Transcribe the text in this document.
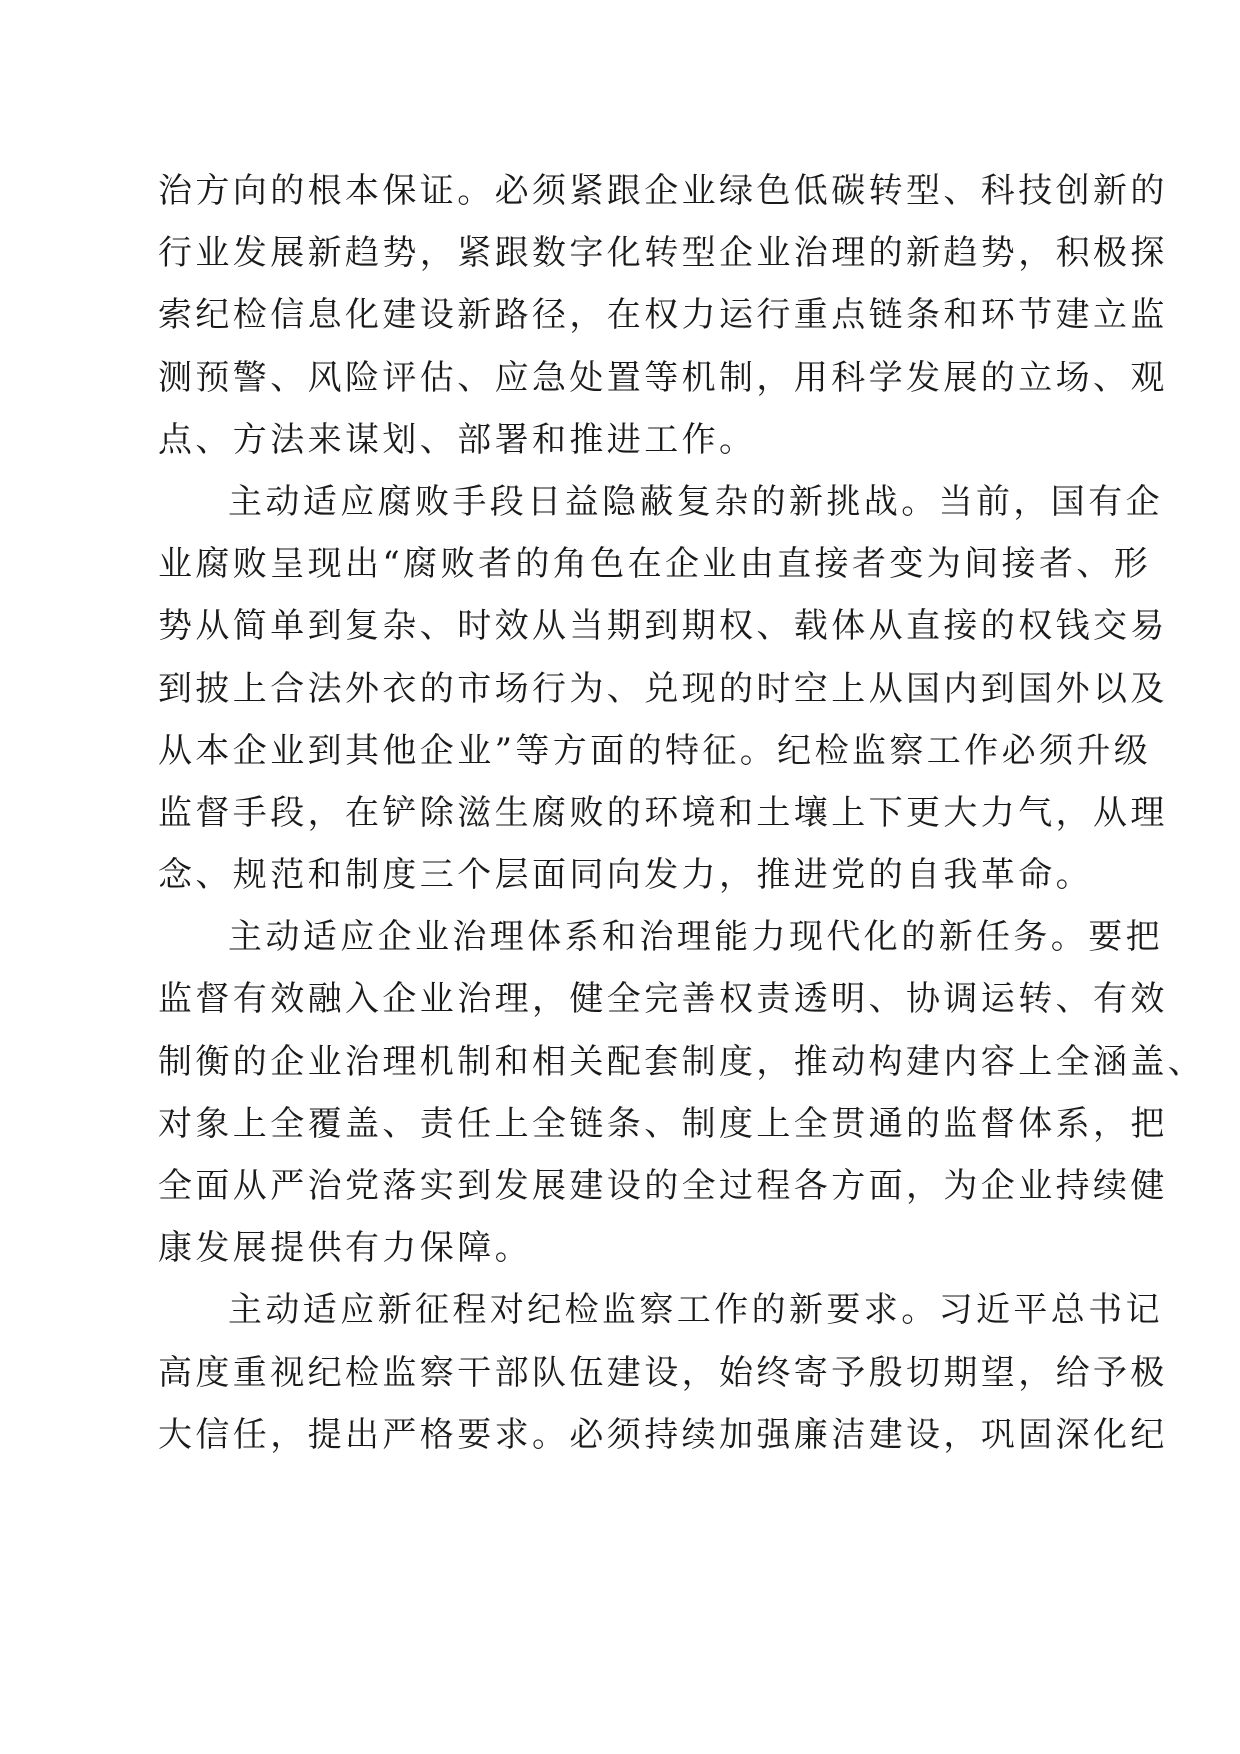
治方向的根本保证。必须紧跟企业绿色低碳转型、科技创新的
行业发展新趋势，紧跟数字化转型企业治理的新趋势，积极探
索纪检信息化建设新路径，在权力运行重点链条和环节建立监
测预警、风险评估、应急处置等机制，用科学发展的立场、观
点、方法来谋划、部署和推进工作。
主动适应腐败手段日益隐蔽复杂的新挑战。当前，国有企
业腐败呈现出“腐败者的角色在企业由直接者变为间接者、形
势从简单到复杂、时效从当期到期权、载体从直接的权钱交易
到披上合法外衣的市场行为、兑现的时空上从国内到国外以及
从本企业到其他企业”等方面的特征。纪检监察工作必须升级
监督手段，在铲除滋生腐败的环境和土壤上下更大力气，从理
念、规范和制度三个层面同向发力，推进党的自我革命。
主动适应企业治理体系和治理能力现代化的新任务。要把
监督有效融入企业治理，健全完善权责透明、协调运转、有效
制衡的企业治理机制和相关配套制度，推动构建内容上全涵盖、
对象上全覆盖、责任上全链条、制度上全贯通的监督体系，把
全面从严治党落实到发展建设的全过程各方面，为企业持续健
康发展提供有力保障。
主动适应新征程对纪检监察工作的新要求。习近平总书记
高度重视纪检监察干部队伍建设，始终寄予殷切期望，给予极
大信任，提出严格要求。必须持续加强廉洁建设，巩固深化纪
